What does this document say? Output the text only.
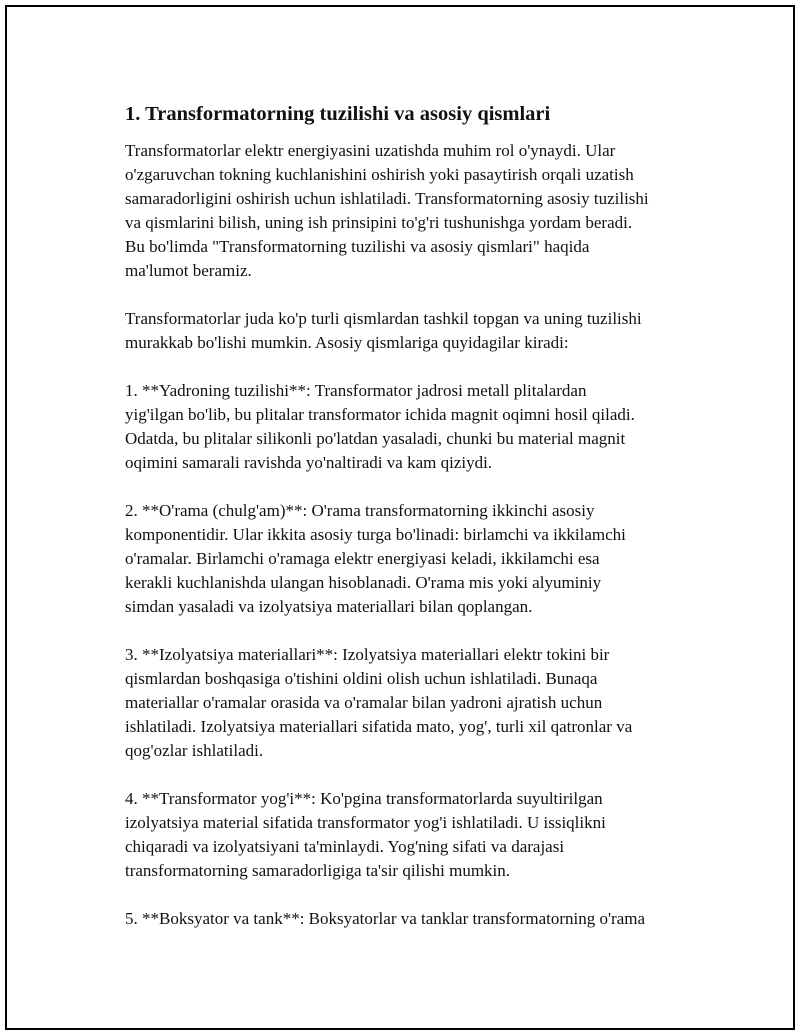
1. Transformatorning tuzilishi va asosiy qismlari
Transformatorlar elektr energiyasini uzatishda muhim rol o'ynaydi. Ular
o'zgaruvchan tokning kuchlanishini oshirish yoki pasaytirish orqali uzatish
samaradorligini oshirish uchun ishlatiladi. Transformatorning asosiy tuzilishi
va qismlarini bilish, uning ish prinsipini to'g'ri tushunishga yordam beradi.
Bu bo'limda "Transformatorning tuzilishi va asosiy qismlari" haqida
ma'lumot beramiz.
Transformatorlar juda ko'p turli qismlardan tashkil topgan va uning tuzilishi
murakkab bo'lishi mumkin. Asosiy qismlariga quyidagilar kiradi:
1. **Yadroning tuzilishi**: Transformator jadrosi metall plitalardan
yig'ilgan bo'lib, bu plitalar transformator ichida magnit oqimni hosil qiladi.
Odatda, bu plitalar silikonli po'latdan yasaladi, chunki bu material magnit
oqimini samarali ravishda yo'naltiradi va kam qiziydi.
2. **O'rama (chulg'am)**: O'rama transformatorning ikkinchi asosiy
komponentidir. Ular ikkita asosiy turga bo'linadi: birlamchi va ikkilamchi
o'ramalar. Birlamchi o'ramaga elektr energiyasi keladi, ikkilamchi esa
kerakli kuchlanishda ulangan hisoblanadi. O'rama mis yoki alyuminiy
simdan yasaladi va izolyatsiya materiallari bilan qoplangan.
3. **Izolyatsiya materiallari**: Izolyatsiya materiallari elektr tokini bir
qismlardan boshqasiga o'tishini oldini olish uchun ishlatiladi. Bunaqa
materiallar o'ramalar orasida va o'ramalar bilan yadroni ajratish uchun
ishlatiladi. Izolyatsiya materiallari sifatida mato, yog', turli xil qatronlar va
qog'ozlar ishlatiladi.
4. **Transformator yog'i**: Ko'pgina transformatorlarda suyultirilgan
izolyatsiya material sifatida transformator yog'i ishlatiladi. U issiqlikni
chiqaradi va izolyatsiyani ta'minlaydi. Yog'ning sifati va darajasi
transformatorning samaradorligiga ta'sir qilishi mumkin.
5. **Boksyator va tank**: Boksyatorlar va tanklar transformatorning o'rama
